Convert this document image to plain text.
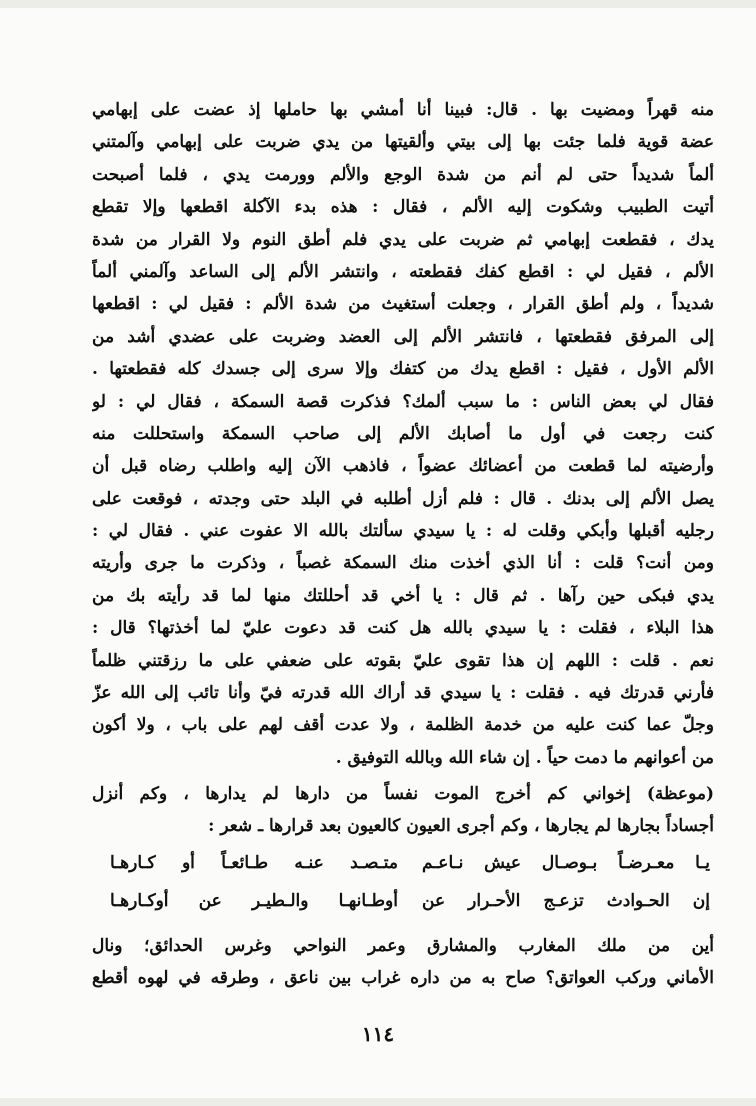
منه قهراً ومضيت بها . قال: فبينا أنا أمشي بها حاملها إذ عضت على إبهامي
عضة قوية فلما جئت بها إلى بيتي وألقيتها من يدي ضربت على إبهامي وآلمتني
ألماً شديداً حتى لم أنم من شدة الوجع والألم وورمت يدي ، فلما أصبحت
أتيت الطبيب وشكوت إليه الألم ، فقال : هذه بدء الآكلة اقطعها وإلا تقطع
يدك ، فقطعت إبهامي ثم ضربت على يدي فلم أطق النوم ولا القرار من شدة
الألم ، فقيل لي : اقطع كفك فقطعته ، وانتشر الألم إلى الساعد وآلمني ألماً
شديداً ، ولم أطق القرار ، وجعلت أستغيث من شدة الألم : فقيل لي : اقطعها
إلى المرفق فقطعتها ، فانتشر الألم إلى العضد وضربت على عضدي أشد من
الألم الأول ، فقيل : اقطع يدك من كتفك وإلا سرى إلى جسدك كله فقطعتها .
فقال لي بعض الناس : ما سبب ألمك؟ فذكرت قصة السمكة ، فقال لي : لو
كنت رجعت في أول ما أصابك الألم إلى صاحب السمكة واستحللت منه
وأرضيته لما قطعت من أعضائك عضواً ، فاذهب الآن إليه واطلب رضاه قبل أن
يصل الألم إلى بدنك . قال : فلم أزل أطلبه في البلد حتى وجدته ، فوقعت على
رجليه أقبلها وأبكي وقلت له : يا سيدي سألتك بالله الا عفوت عني . فقال لي :
ومن أنت؟ قلت : أنا الذي أخذت منك السمكة غصباً ، وذكرت ما جرى وأريته
يدي فبكى حين رآها . ثم قال : يا أخي قد أحللتك منها لما قد رأيته بك من
هذا البلاء ، فقلت : يا سيدي بالله هل كنت قد دعوت عليّ لما أخذتها؟ قال :
نعم . قلت : اللهم إن هذا تقوى عليّ بقوته على ضعفي على ما رزقتني ظلماً
فأرني قدرتك فيه . فقلت : يا سيدي قد أراك الله قدرته فيّ وأنا تائب إلى الله عزّ
وجلّ عما كنت عليه من خدمة الظلمة ، ولا عدت أقف لهم على باب ، ولا أكون
من أعوانهم ما دمت حياً . إن شاء الله وبالله التوفيق .
(موعظة) إخواني كم أخرج الموت نفساً من دارها لم يدارها ، وكم أنزل
أجساداً بجارها لم يجارها ، وكم أجرى العيون كالعيون بعد قرارها ـ شعر :
يـا معـرضـاً بـوصـال عيش نـاعـم
متـصـد عنـه طـائعـاً أو كـارهـا
إن الحـوادث تزعـج الأحـرار عن
أوطـانهـا والـطيـر عن أوكـارهـا
أين من ملك المغارب والمشارق وعمر النواحي وغرس الحدائق؛ ونال
الأماني وركب العواتق؟ صاح به من داره غراب بين ناعق ، وطرقه في لهوه أقطع
١١٤
